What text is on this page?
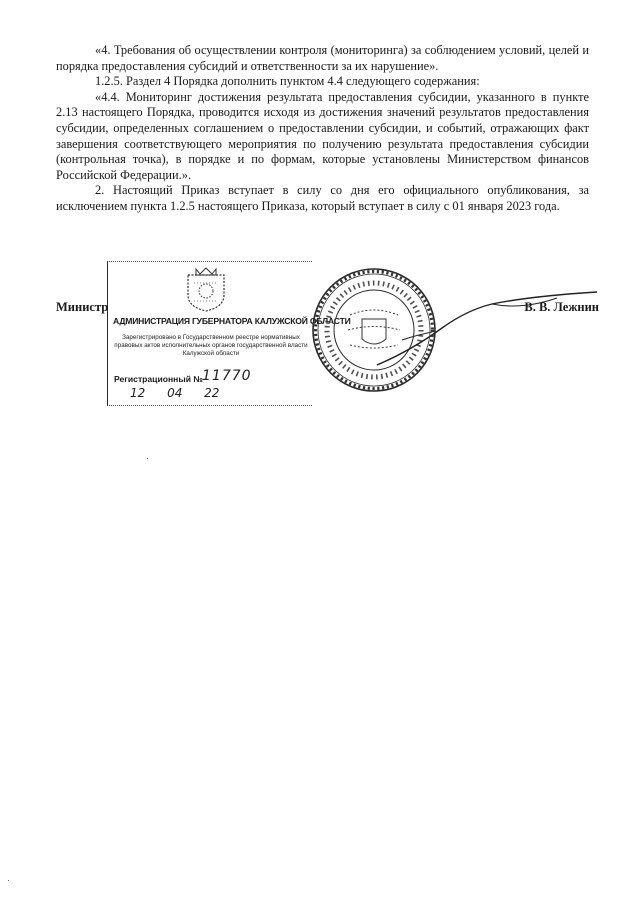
«4. Требования об осуществлении контроля (мониторинга) за соблюдением условий, целей и порядка предоставления субсидий и ответственности за их нарушение».

1.2.5. Раздел 4 Порядка дополнить пунктом 4.4 следующего содержания:

«4.4. Мониторинг достижения результата предоставления субсидии, указанного в пункте 2.13 настоящего Порядка, проводится исходя из достижения значений результатов предоставления субсидии, определенных соглашением о предоставлении субсидии, и событий, отражающих факт завершения соответствующего мероприятия по получению результата предоставления субсидии (контрольная точка), в порядке и по формам, которые установлены Министерством финансов Российской Федерации.».

2. Настоящий Приказ вступает в силу со дня его официального опубликования, за исключением пункта 1.2.5 настоящего Приказа, который вступает в силу с 01 января 2023 года.

АДМИНИСТРАЦИЯ ГУБЕРНАТОРА КАЛУЖСКОЙ ОБЛАСТИ
Зарегистрировано в Государственном реестре нормативных правовых актов исполнительных органов государственной власти Калужской области
Регистрационный № 11770
12 04 22
Министр	В. В. Лежнин
